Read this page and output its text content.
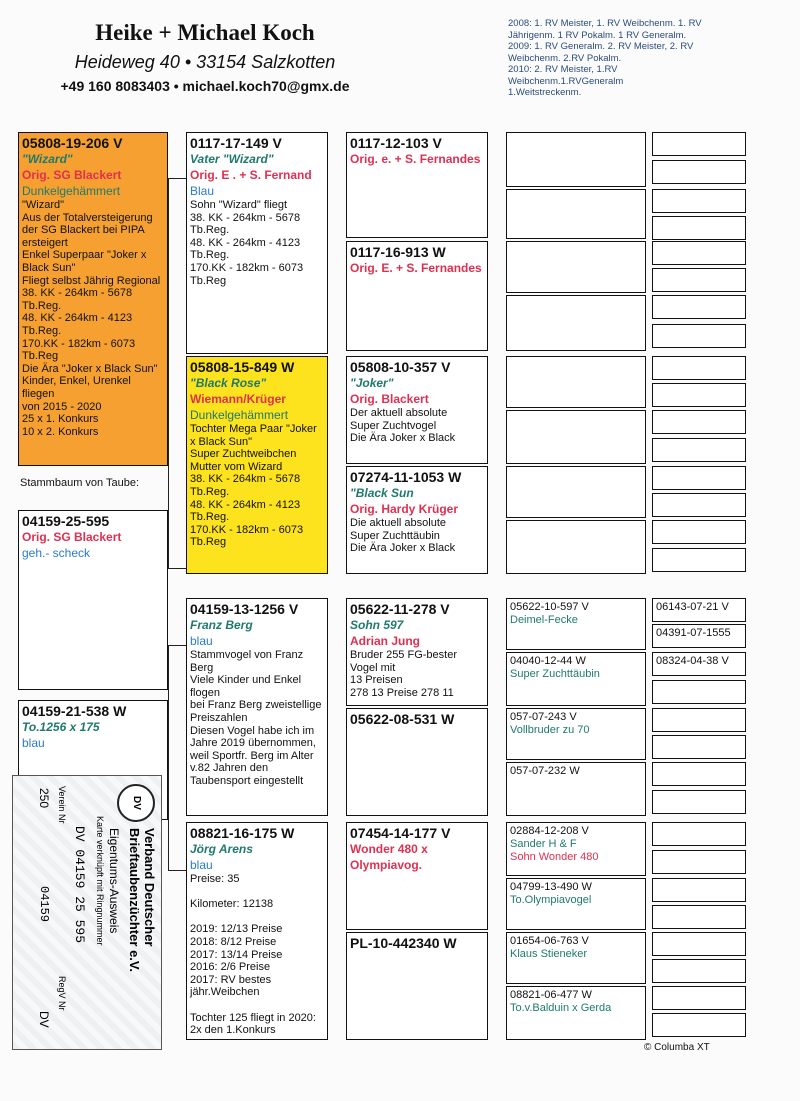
Heike + Michael Koch
Heideweg 40 • 33154 Salzkotten
+49 160 8083403 • michael.koch70@gmx.de
2008: 1. RV Meister, 1. RV Weibchenm. 1. RV Jährigenm. 1 RV Pokalm. 1 RV Generalm.
2009: 1. RV Generalm. 2. RV Meister, 2. RV Weibchenm. 2.RV Pokalm.
2010: 2. RV Meister, 1.RV Weibchenm.1.RVGeneralm
1.Weitstreckenm.
05808-19-206 V
"Wizard"
Orig. SG Blackert
Dunkelgehämmert
"Wizard"
Aus der Totalversteigerung der SG Blackert bei PIPA ersteigert
Enkel Superpaar "Joker x Black Sun"
Fliegt selbst Jährig Regional
38. KK - 264km - 5678 Tb.Reg.
48. KK - 264km - 4123 Tb.Reg.
170.KK - 182km - 6073 Tb.Reg
Die Ära "Joker x Black Sun" Kinder, Enkel, Urenkel fliegen
von 2015 - 2020
25 x 1. Konkurs
10 x 2. Konkurs
Stammbaum von Taube:
04159-25-595
Orig. SG Blackert
geh.- scheck
04159-21-538 W
To.1256 x 175
blau
0117-17-149 V
Vater "Wizard"
Orig. E . + S. Fernand
Blau
Sohn "Wizard" fliegt
38. KK - 264km - 5678 Tb.Reg.
48. KK - 264km - 4123 Tb.Reg.
170.KK - 182km - 6073 Tb.Reg
05808-15-849 W
"Black Rose"
Wiemann/Krüger
Dunkelgehämmert
Tochter Mega Paar "Joker x Black Sun"
Super Zuchtweibchen
Mutter vom Wizard
38. KK - 264km - 5678 Tb.Reg.
48. KK - 264km - 4123 Tb.Reg.
170.KK - 182km - 6073 Tb.Reg
04159-13-1256 V
Franz Berg
blau
Stammvogel von Franz Berg
Viele Kinder und Enkel flogen
bei Franz Berg zweistellige Preiszahlen
Diesen Vogel habe ich im Jahre 2019 übernommen, weil Sportfr. Berg im Alter v.82 Jahren den Taubensport eingestellt
08821-16-175 W
Jörg Arens
blau
Preise: 35

Kilometer: 12138

2019: 12/13 Preise
2018: 8/12 Preise
2017: 13/14 Preise
2016: 2/6 Preise
2017: RV bestes jähr.Weibchen

Tochter 125 fliegt in 2020:
2x den 1.Konkurs
0117-12-103 V
Orig. e. + S. Fernandes
0117-16-913 W
Orig. E. + S. Fernandes
05808-10-357 V
"Joker"
Orig. Blackert
Der aktuell absolute
Super Zuchtvogel
Die Ära Joker x Black
07274-11-1053 W
"Black Sun
Orig. Hardy Krüger
Die aktuell absolute
Super Zuchttäubin
Die Ära Joker x Black
05622-11-278 V
Sohn 597
Adrian Jung
Bruder 255 FG-bester Vogel mit
13 Preisen
278 13 Preise 278 11
05622-08-531 W
07454-14-177 V
Wonder 480 x Olympiavog.
PL-10-442340 W
05622-10-597 V
Deimel-Fecke
04040-12-44 W
Super Zuchttäubin
057-07-243 V
Vollbruder zu 70
057-07-232 W
02884-12-208 V
Sander H & F
Sohn Wonder 480
04799-13-490 W
To.Olympiavogel
01654-06-763 V
Klaus Stieneker
08821-06-477 W
To.v.Balduin x Gerda
06143-07-21 V
04391-07-1555
08324-04-38 V
DV
Verband Deutscher
Brieftaubenzüchter e.V.
Eigentums-Ausweis
Karte verknüpft mit Ringnummer
DV 04159 25 595
RegV Nr
Verein Nr
DV
04159
250
© Columba XT
